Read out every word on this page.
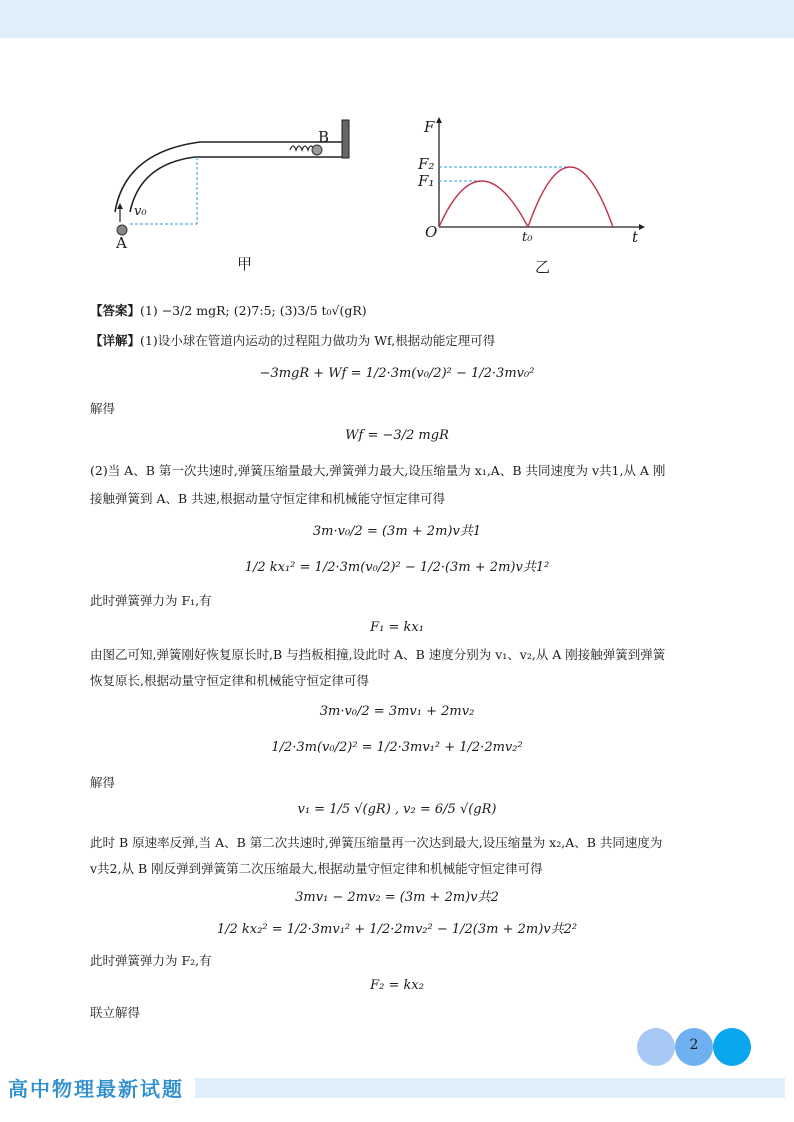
B
v₀
A
甲
F
F₂
F₁
O	t₀	t
乙
【答案】(1) −3/2 mgR; (2)7:5; (3)3/5 t₀√(gR)
【详解】(1)设小球在管道内运动的过程阻力做功为 Wf,根据动能定理可得
−3mgR + Wf = 1/2·3m(v₀/2)² − 1/2·3mv₀²
解得
Wf = −3/2 mgR
(2)当 A、B 第一次共速时,弹簧压缩量最大,弹簧弹力最大,设压缩量为 x₁,A、B 共同速度为 v共1,从 A 刚
接触弹簧到 A、B 共速,根据动量守恒定律和机械能守恒定律可得
3m·v₀/2 = (3m + 2m)v共1
1/2 kx₁² = 1/2·3m(v₀/2)² − 1/2·(3m + 2m)v共1²
此时弹簧弹力为 F₁,有
F₁ = kx₁
由图乙可知,弹簧刚好恢复原长时,B 与挡板相撞,设此时 A、B 速度分别为 v₁、v₂,从 A 刚接触弹簧到弹簧
恢复原长,根据动量守恒定律和机械能守恒定律可得
3m·v₀/2 = 3mv₁ + 2mv₂
1/2·3m(v₀/2)² = 1/2·3mv₁² + 1/2·2mv₂²
解得
v₁ = 1/5 √(gR) , v₂ = 6/5 √(gR)
此时 B 原速率反弹,当 A、B 第二次共速时,弹簧压缩量再一次达到最大,设压缩量为 x₂,A、B 共同速度为
v共2,从 B 刚反弹到弹簧第二次压缩最大,根据动量守恒定律和机械能守恒定律可得
3mv₁ − 2mv₂ = (3m + 2m)v共2
1/2 kx₂² = 1/2·3mv₁² + 1/2·2mv₂² − 1/2(3m + 2m)v共2²
此时弹簧弹力为 F₂,有
F₂ = kx₂
联立解得
2
高中物理最新试题
